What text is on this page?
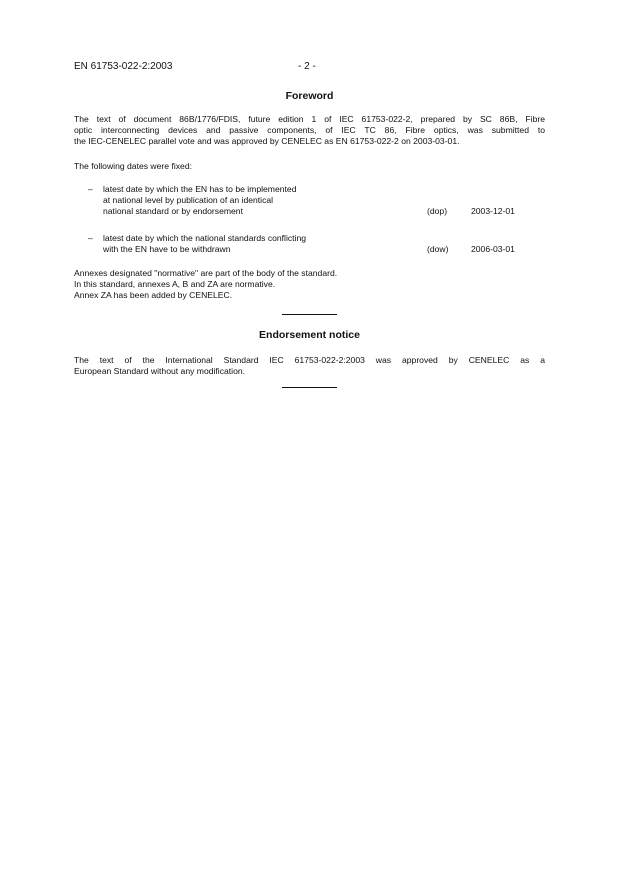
EN 61753-022-2:2003	- 2 -
Foreword
The text of document 86B/1776/FDIS, future edition 1 of IEC 61753-022-2, prepared by SC 86B, Fibre
optic interconnecting devices and passive components, of IEC TC 86, Fibre optics, was submitted to
the IEC-CENELEC parallel vote and was approved by CENELEC as EN 61753-022-2 on 2003-03-01.
The following dates were fixed:
– latest date by which the EN has to be implemented
at national level by publication of an identical
national standard or by endorsement	(dop)	2003-12-01
– latest date by which the national standards conflicting
with the EN have to be withdrawn	(dow)	2006-03-01
Annexes designated "normative" are part of the body of the standard.
In this standard, annexes A, B and ZA are normative.
Annex ZA has been added by CENELEC.
Endorsement notice
The text of the International Standard IEC 61753-022-2:2003 was approved by CENELEC as a
European Standard without any modification.
